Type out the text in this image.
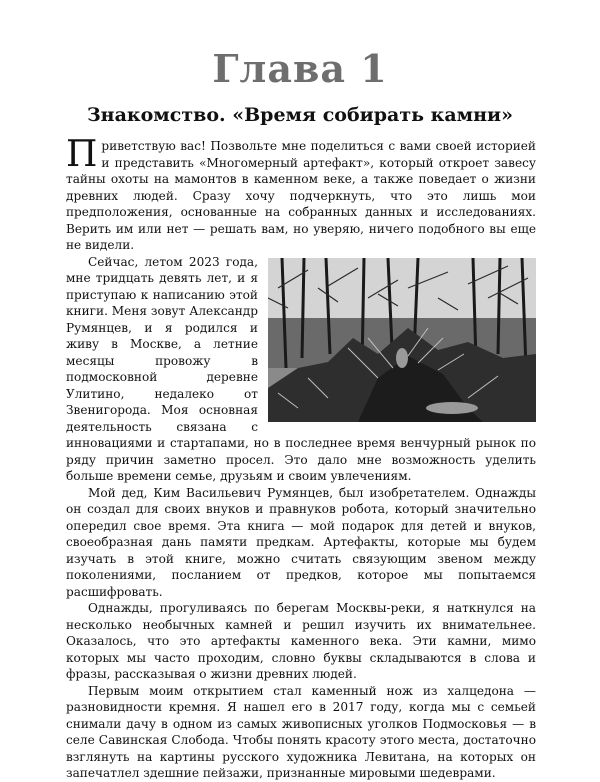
Глава 1
Знакомство. «Время собирать камни»

Приветствую вас! Позвольте мне поделиться с вами своей историей и представить «Многомерный артефакт», который откроет завесу тайны охоты на мамонтов в каменном веке, а также поведает о жизни древних людей. Сразу хочу подчеркнуть, что это лишь мои предположения, основанные на собранных данных и исследованиях. Верить им или нет — решать вам, но уверяю, ничего подобного вы еще не видели.

Сейчас, летом 2023 года, мне тридцать девять лет, и я приступаю к написанию этой книги. Меня зовут Александр Румянцев, и я родился и живу в Москве, а летние месяцы провожу в подмосковной деревне Улитино, недалеко от Звенигорода. Моя основная деятельность связана с инновациями и стартапами, но в последнее время венчурный рынок по ряду причин заметно просел. Это дало мне возможность уделить больше времени семье, друзьям и своим увлечениям.

Мой дед, Ким Васильевич Румянцев, был изобретателем. Однажды он создал для своих внуков и правнуков робота, который значительно опередил свое время. Эта книга — мой подарок для детей и внуков, своеобразная дань памяти предкам. Артефакты, которые мы будем изучать в этой книге, можно считать связующим звеном между поколениями, посланием от предков, которое мы попытаемся расшифровать.

Однажды, прогуливаясь по берегам Москвы-реки, я наткнулся на несколько необычных камней и решил изучить их внимательнее. Оказалось, что это артефакты каменного века. Эти камни, мимо которых мы часто проходим, словно буквы складываются в слова и фразы, рассказывая о жизни древних людей.

Первым моим открытием стал каменный нож из халцедона — разновидности кремня. Я нашел его в 2017 году, когда мы с семьей снимали дачу в одном из самых живописных уголков Подмосковья — в селе Савинская Слобода. Чтобы понять красоту этого места, достаточно взглянуть на картины русского художника Левитана, на которых он запечатлел здешние пейзажи, признанные мировыми шедеврами.
